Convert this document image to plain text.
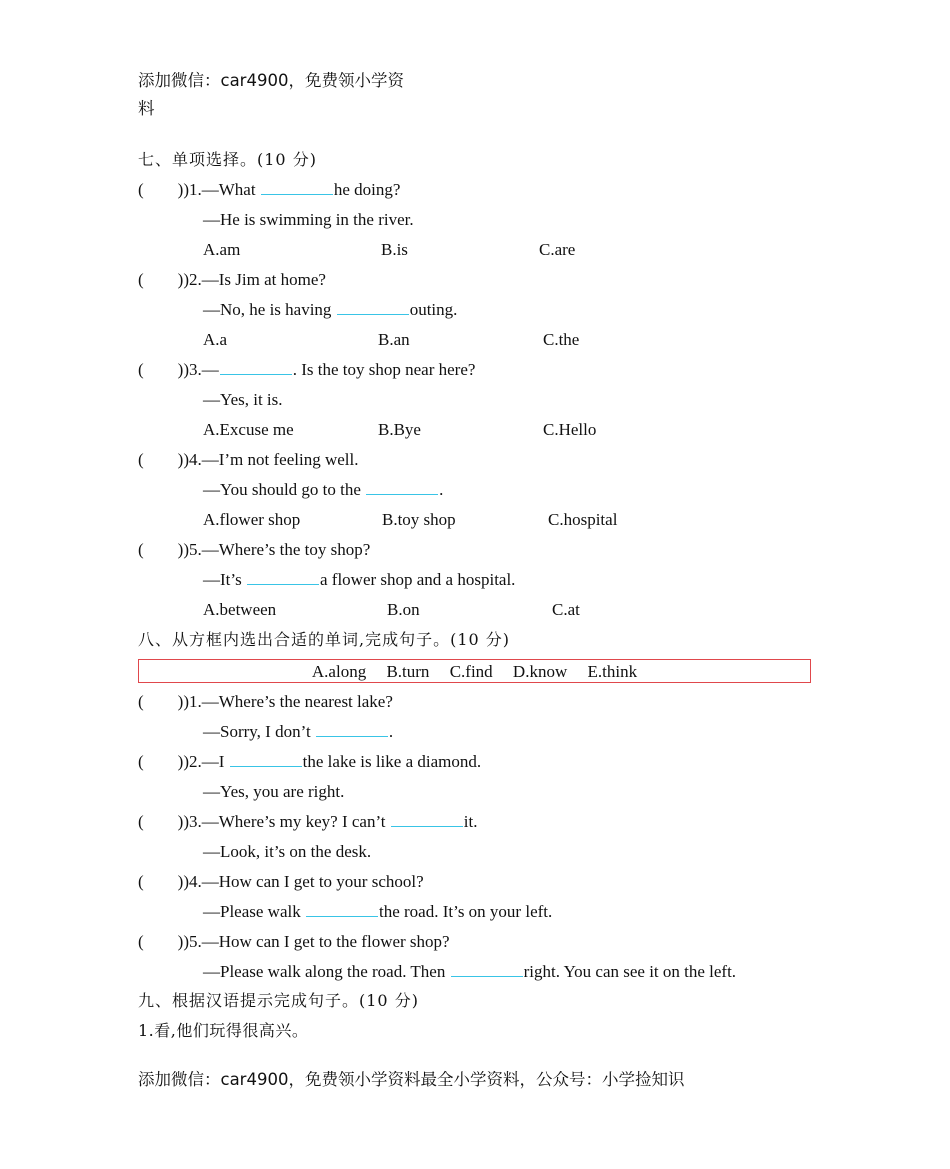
添加微信：car4900，免费领小学资
料
七、单项选择。(10 分)
(        ))1.—What	he doing?
—He is swimming in the river.
A.am	B.is	C.are
(        ))2.—Is Jim at home?
—No, he is having	outing.
A.a	B.an	C.the
(        ))3.—	. Is the toy shop near here?
—Yes, it is.
A.Excuse me	B.Bye	C.Hello
(        ))4.—I’m not feeling well.
—You should go to the	.
A.flower shop	B.toy shop	C.hospital
(        ))5.—Where’s the toy shop?
—It’s	a flower shop and a hospital.
A.between	B.on	C.at
八、从方框内选出合适的单词,完成句子。(10 分)
A.along B.turn C.find D.know E.think
(        ))1.—Where’s the nearest lake?
—Sorry, I don’t	.
(        ))2.—I	the lake is like a diamond.
—Yes, you are right.
(        ))3.—Where’s my key? I can’t	it.
—Look, it’s on the desk.
(        ))4.—How can I get to your school?
—Please walk	the road. It’s on your left.
(        ))5.—How can I get to the flower shop?
—Please walk along the road. Then	right. You can see it on the left.
九、根据汉语提示完成句子。(10 分)
1.看,他们玩得很高兴。
添加微信：car4900，免费领小学资料最全小学资料，公众号：小学捡知识
